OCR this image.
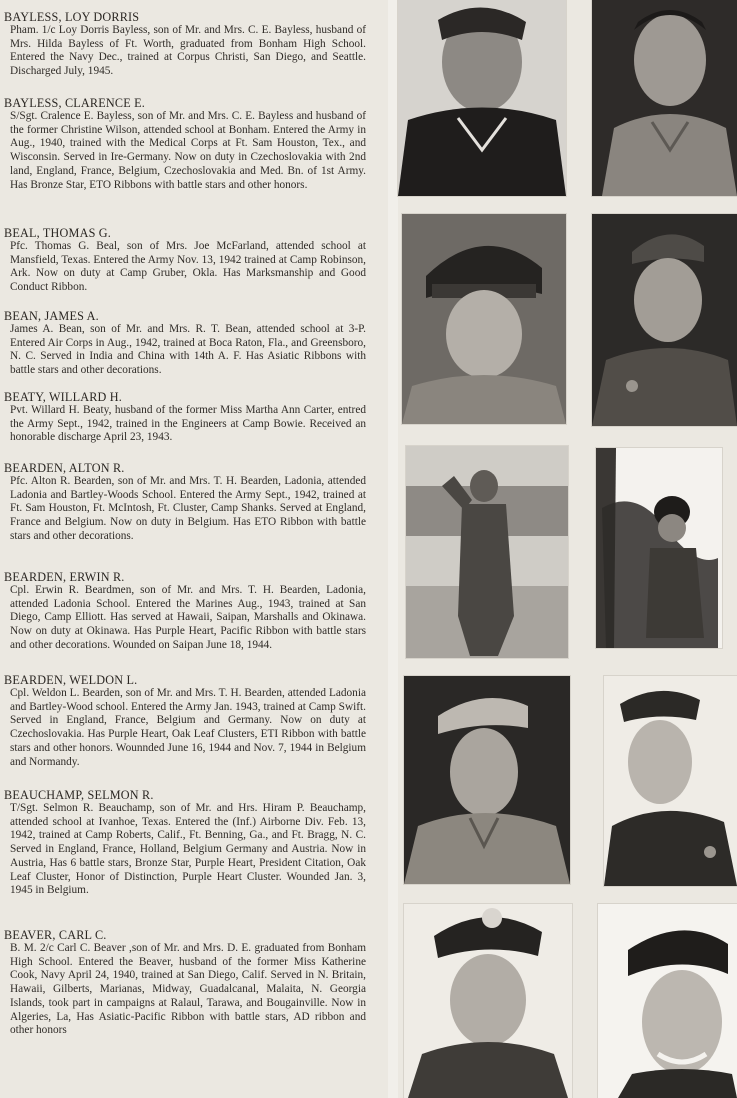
BAYLESS, LOY DORRIS

Pham. 1/c Loy Dorris Bayless, son of Mr. and Mrs. C. E. Bayless, husband of Mrs. Hilda Bayless of Ft. Worth, graduated from Bonham High School. Entered the Navy Dec., trained at Corpus Christi, San Diego, and Seattle. Discharged July, 1945.

BAYLESS, CLARENCE E.

S/Sgt. Cralence E. Bayless, son of Mr. and Mrs. C. E. Bayless and husband of the former Christine Wilson, attended school at Bonham. Entered the Army in Aug., 1940, trained with the Medical Corps at Ft. Sam Houston, Tex., and Wisconsin. Served in Ire-Germany. Now on duty in Czechoslovakia with 2nd land, England, France, Belgium, Czechoslovakia and Med. Bn. of 1st Army. Has Bronze Star, ETO Ribbons with battle stars and other honors.

BEAL, THOMAS G.

Pfc. Thomas G. Beal, son of Mrs. Joe McFarland, attended school at Mansfield, Texas. Entered the Army Nov. 13, 1942 trained at Camp Robinson, Ark. Now on duty at Camp Gruber, Okla. Has Marksmanship and Good Conduct Ribbon.

BEAN, JAMES A.

James A. Bean, son of Mr. and Mrs. R. T. Bean, attended school at 3-P. Entered Air Corps in Aug., 1942, trained at Boca Raton, Fla., and Greensboro, N. C. Served in India and China with 14th A. F. Has Asiatic Ribbons with battle stars and other decorations.

BEATY, WILLARD H.

Pvt. Willard H. Beaty, husband of the former Miss Martha Ann Carter, entred the Army Sept., 1942, trained in the Engineers at Camp Bowie. Received an honorable discharge April 23, 1943.

BEARDEN, ALTON R.

Pfc. Alton R. Bearden, son of Mr. and Mrs. T. H. Bearden, Ladonia, attended Ladonia and Bartley-Woods School. Entered the Army Sept., 1942, trained at Ft. Sam Houston, Ft. McIntosh, Ft. Cluster, Camp Shanks. Served at England, France and Belgium. Now on duty in Belgium. Has ETO Ribbon with battle stars and other decorations.

BEARDEN, ERWIN R.

Cpl. Erwin R. Beardmen, son of Mr. and Mrs. T. H. Bearden, Ladonia, attended Ladonia School. Entered the Marines Aug., 1943, trained at San Diego, Camp Elliott. Has served at Hawaii, Saipan, Marshalls and Okinawa. Now on duty at Okinawa. Has Purple Heart, Pacific Ribbon with battle stars and other decorations. Wounded on Saipan June 18, 1944.

BEARDEN, WELDON L.

Cpl. Weldon L. Bearden, son of Mr. and Mrs. T. H. Bearden, attended Ladonia and Bartley-Wood school. Entered the Army Jan. 1943, trained at Camp Swift. Served in England, France, Belgium and Germany. Now on duty at Czechoslovakia. Has Purple Heart, Oak Leaf Clusters, ETI Ribbon with battle stars and other honors. Wounnded June 16, 1944 and Nov. 7, 1944 in Belgium and Normandy.

BEAUCHAMP, SELMON R.

T/Sgt. Selmon R. Beauchamp, son of Mr. and Hrs. Hiram P. Beauchamp, attended school at Ivanhoe, Texas. Entered the (Inf.) Airborne Div. Feb. 13, 1942, trained at Camp Roberts, Calif., Ft. Benning, Ga., and Ft. Bragg, N. C. Served in England, France, Holland, Belgium Germany and Austria. Now in Austria, Has 6 battle stars, Bronze Star, Purple Heart, President Citation, Oak Leaf Cluster, Honor of Distinction, Purple Heart Cluster. Wounded Jan. 3, 1945 in Belgium.

BEAVER, CARL C.

B. M. 2/c Carl C. Beaver ,son of Mr. and Mrs. D. E. graduated from Bonham High School. Entered the Beaver, husband of the former Miss Katherine Cook, Navy April 24, 1940, trained at San Diego, Calif. Served in N. Britain, Hawaii, Gilberts, Marianas, Midway, Guadalcanal, Malaita, N. Georgia Islands, took part in campaigns at Ralaul, Tarawa, and Bougainville. Now in Algeries, La, Has Asiatic-Pacific Ribbon with battle stars, AD ribbon and other honors
